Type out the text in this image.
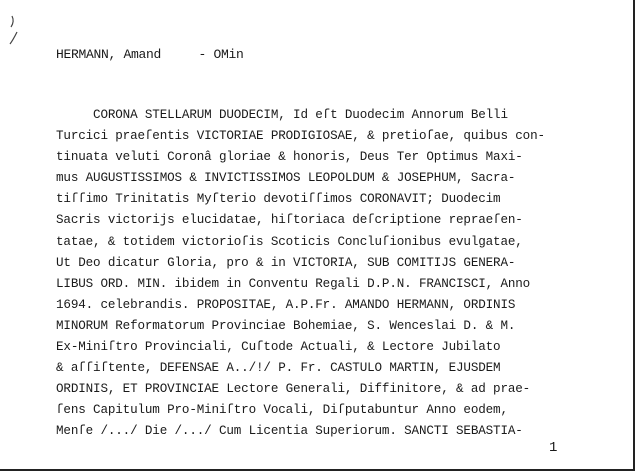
HERMANN, Amand     - OMin
CORONA STELLARUM DUODECIM, Id eſt Duodecim Annorum Belli
Turcici praeſentis VICTORIAE PRODIGIOSAE, & pretioſae, quibus con-
tinuata veluti Coronâ gloriae & honoris, Deus Ter Optimus Maxi-
mus AUGUSTISSIMOS & INVICTISSIMOS LEOPOLDUM & JOSEPHUM, Sacra-
tiſſimo Trinitatis Myſterio devotiſſimos CORONAVIT; Duodecim
Sacris victorijs elucidatae, hiſtoriaca deſcriptione repraeſen-
tatae, & totidem victorioſis Scoticis Concluſionibus evulgatae,
Ut Deo dicatur Gloria, pro & in VICTORIA, SUB COMITIJS GENERA-
LIBUS ORD. MIN. ibidem in Conventu Regali D.P.N. FRANCISCI, Anno
1694. celebrandis. PROPOSITAE, A.P.Fr. AMANDO HERMANN, ORDINIS
MINORUM Reformatorum Provinciae Bohemiae, S. Wenceslai D. & M.
Ex-Miniſtro Provinciali, Cuſtode Actuali, & Lectore Jubilato
& aſſiſtente, DEFENSAE A../!/ P. Fr. CASTULO MARTIN, EJUSDEM
ORDINIS, ET PROVINCIAE Lectore Generali, Diffinitore, & ad prae-
ſens Capitulum Pro-Miniſtro Vocali, Diſputabuntur Anno eodem,
Menſe /.../ Die /.../ Cum Licentia Superiorum. SANCTI SEBASTIA-
1
